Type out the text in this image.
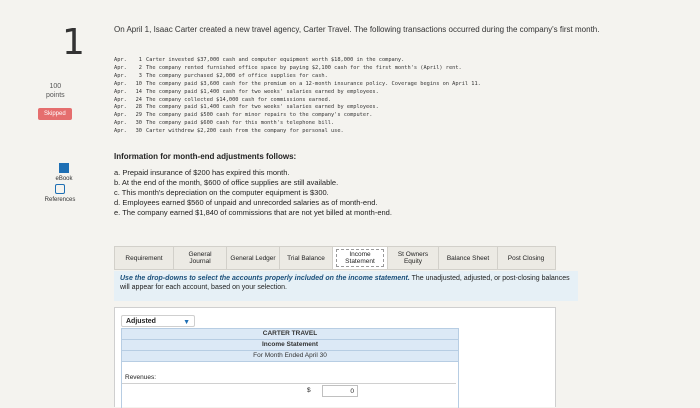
1
100
points
Skipped
eBook
References
On April 1, Isaac Carter created a new travel agency, Carter Travel. The following transactions occurred during the company's first month.
Apr. 1 Carter invested $37,000 cash and computer equipment worth $18,000 in the company.
Apr. 2 The company rented furnished office space by paying $2,100 cash for the first month's (April) rent.
Apr. 3 The company purchased $2,000 of office supplies for cash.
Apr. 10 The company paid $3,600 cash for the premium on a 12-month insurance policy. Coverage begins on April 11.
Apr. 14 The company paid $1,400 cash for two weeks' salaries earned by employees.
Apr. 24 The company collected $14,000 cash for commissions earned.
Apr. 28 The company paid $1,400 cash for two weeks' salaries earned by employees.
Apr. 29 The company paid $500 cash for minor repairs to the company's computer.
Apr. 30 The company paid $600 cash for this month's telephone bill.
Apr. 30 Carter withdrew $2,200 cash from the company for personal use.
Information for month-end adjustments follows:
a. Prepaid insurance of $200 has expired this month.
b. At the end of the month, $600 of office supplies are still available.
c. This month's depreciation on the computer equipment is $300.
d. Employees earned $560 of unpaid and unrecorded salaries as of month-end.
e. The company earned $1,840 of commissions that are not yet billed at month-end.
Requirement	General Journal	General Ledger Trial Balance	Income Statement
St Owners Equity	Balance Sheet	Post Closing
Use the drop-downs to select the accounts properly included on the income statement. The unadjusted, adjusted, or post-closing balances will appear for each account, based on your selection.
Adjusted	▼
CARTER TRAVEL
Income Statement
For Month Ended April 30
Revenues:
$	0
